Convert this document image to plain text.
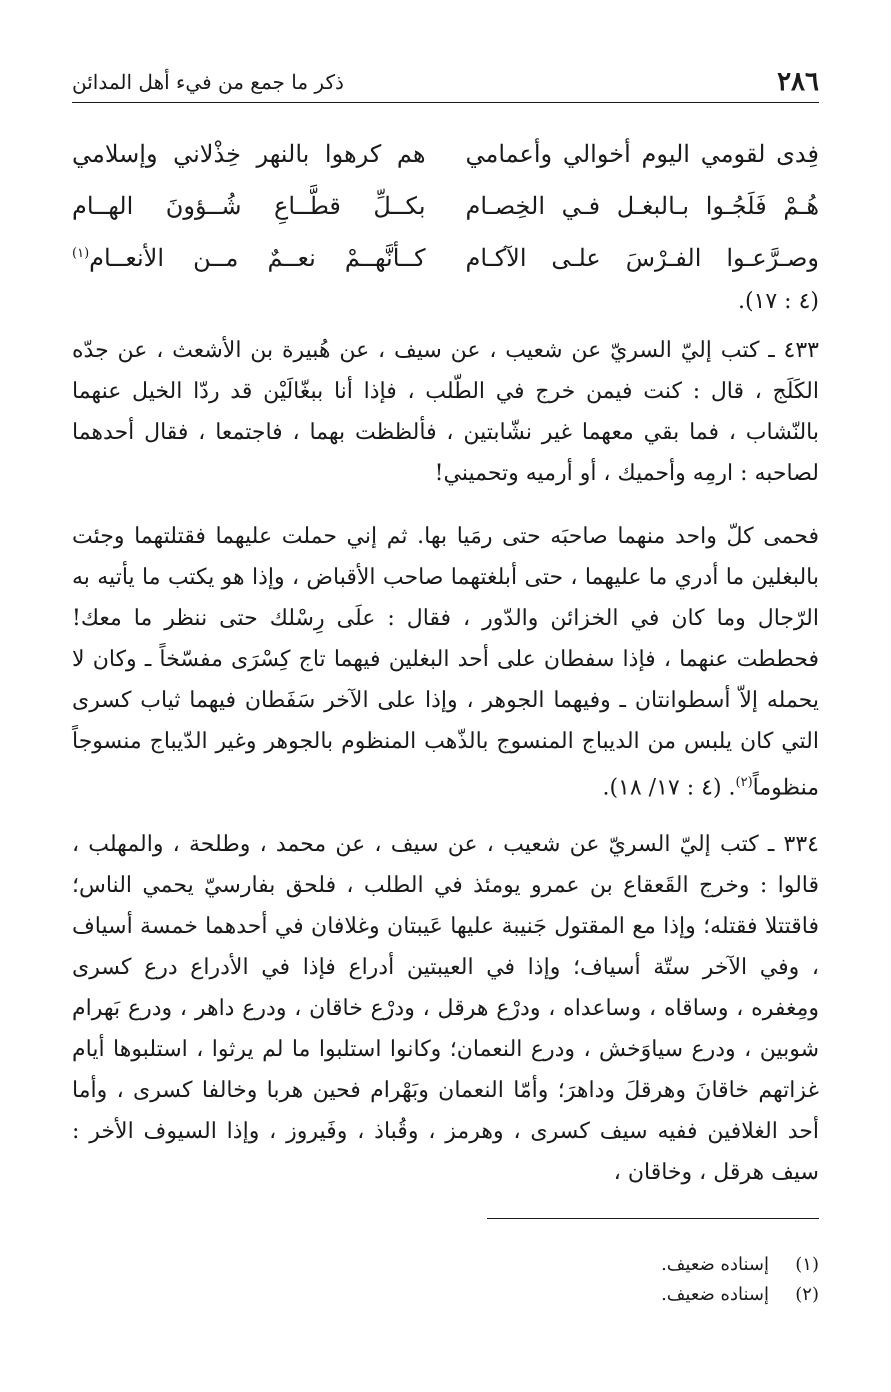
٢٨٦
ذكر ما جمع من فيء أهل المدائن
فِدى لقومي اليوم أخوالي وأعمامي
هم كرهوا بالنهر خِذْلاني وإسلامي
هُـمْ فَلَجُـوا بـالبغـل فـي الخِصـام
بكــلِّ قطَّــاعِ شُــؤونَ الهــام
وصـرَّعـوا الفـرْسَ علـى الآكـام
كــأنَّهــمْ نعــمٌ مــن الأنعــام$^{(١)}$
(٤ : ١٧).

٤٣٣ ـ كتب إليّ السريّ عن شعيب ، عن سيف ، عن هُبيرة بن الأشعث ، عن جدّه الكَلَج ، قال : كنت فيمن خرج في الطّلب ، فإذا أنا ببغّالَيْن قد ردّا الخيل عنهما بالنّشاب ، فما بقي معهما غير نشّابتين ، فألظظت بهما ، فاجتمعا ، فقال أحدهما لصاحبه : ارمِه وأحميك ، أو أرميه وتحميني!

فحمى كلّ واحد منهما صاحبَه حتى رمَيا بها. ثم إني حملت عليهما فقتلتهما وجئت بالبغلين ما أدري ما عليهما ، حتى أبلغتهما صاحب الأقباض ، وإذا هو يكتب ما يأتيه به الرّجال وما كان في الخزائن والدّور ، فقال : علَى رِسْلك حتى ننظر ما معك! فحططت عنهما ، فإذا سفطان على أحد البغلين فيهما تاج كِسْرَى مفسّخاً ـ وكان لا يحمله إلاّ أسطوانتان ـ وفيهما الجوهر ، وإذا على الآخر سَفَطان فيهما ثياب كسرى التي كان يلبس من الديباج المنسوج بالذّهب المنظوم بالجوهر وغير الدّيباج منسوجاً منظوماً$^{(٢)}$. (٤ : ١٧/ ١٨).

٣٣٤ ـ كتب إليّ السريّ عن شعيب ، عن سيف ، عن محمد ، وطلحة ، والمهلب ، قالوا : وخرج القَعقاع بن عمرو يومئذ في الطلب ، فلحق بفارسيّ يحمي الناس؛ فاقتتلا فقتله؛ وإذا مع المقتول جَنيبة عليها عَيبتان وغلافان في أحدهما خمسة أسياف ، وفي الآخر ستّة أسياف؛ وإذا في العيبتين أدراع فإذا في الأدراع درع كسرى ومِغفره ، وساقاه ، وساعداه ، ودرْع هرقل ، ودرْع خاقان ، ودرع داهر ، ودرع بَهرام شوبين ، ودرع سياوَخش ، ودرع النعمان؛ وكانوا استلبوا ما لم يرثوا ، استلبوها أيام غزاتهم خاقانَ وهرقلَ وداهرَ؛ وأمّا النعمان وبَهْرام فحين هربا وخالفا كسرى ، وأما أحد الغلافين ففيه سيف كسرى ، وهرمز ، وقُباذ ، وفَيروز ، وإذا السيوف الأخر : سيف هرقل ، وخاقان ،

(١)
إسناده ضعيف.
(٢)
إسناده ضعيف.
